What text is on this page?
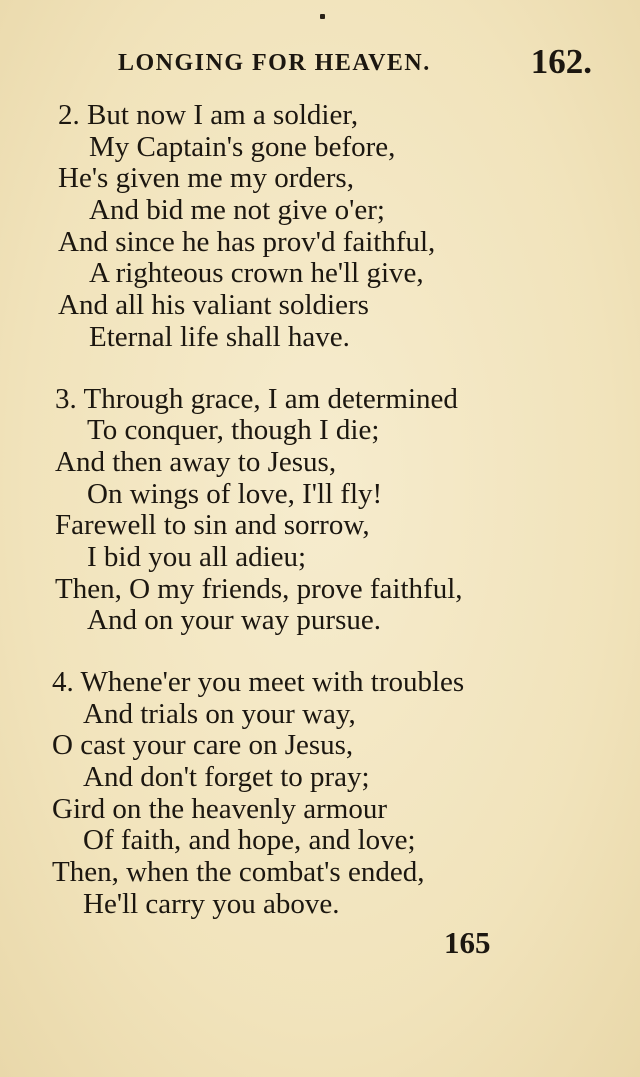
LONGING FOR HEAVEN.	162.
2. But now I am a soldier,
My Captain's gone before,
He's given me my orders,
And bid me not give o'er;
And since he has prov'd faithful,
A righteous crown he'll give,
And all his valiant soldiers
Eternal life shall have.
3. Through grace, I am determined
To conquer, though I die;
And then away to Jesus,
On wings of love, I'll fly!
Farewell to sin and sorrow,
I bid you all adieu;
Then, O my friends, prove faithful,
And on your way pursue.
4. Whene'er you meet with troubles
And trials on your way,
O cast your care on Jesus,
And don't forget to pray;
Gird on the heavenly armour
Of faith, and hope, and love;
Then, when the combat's ended,
He'll carry you above.
165
